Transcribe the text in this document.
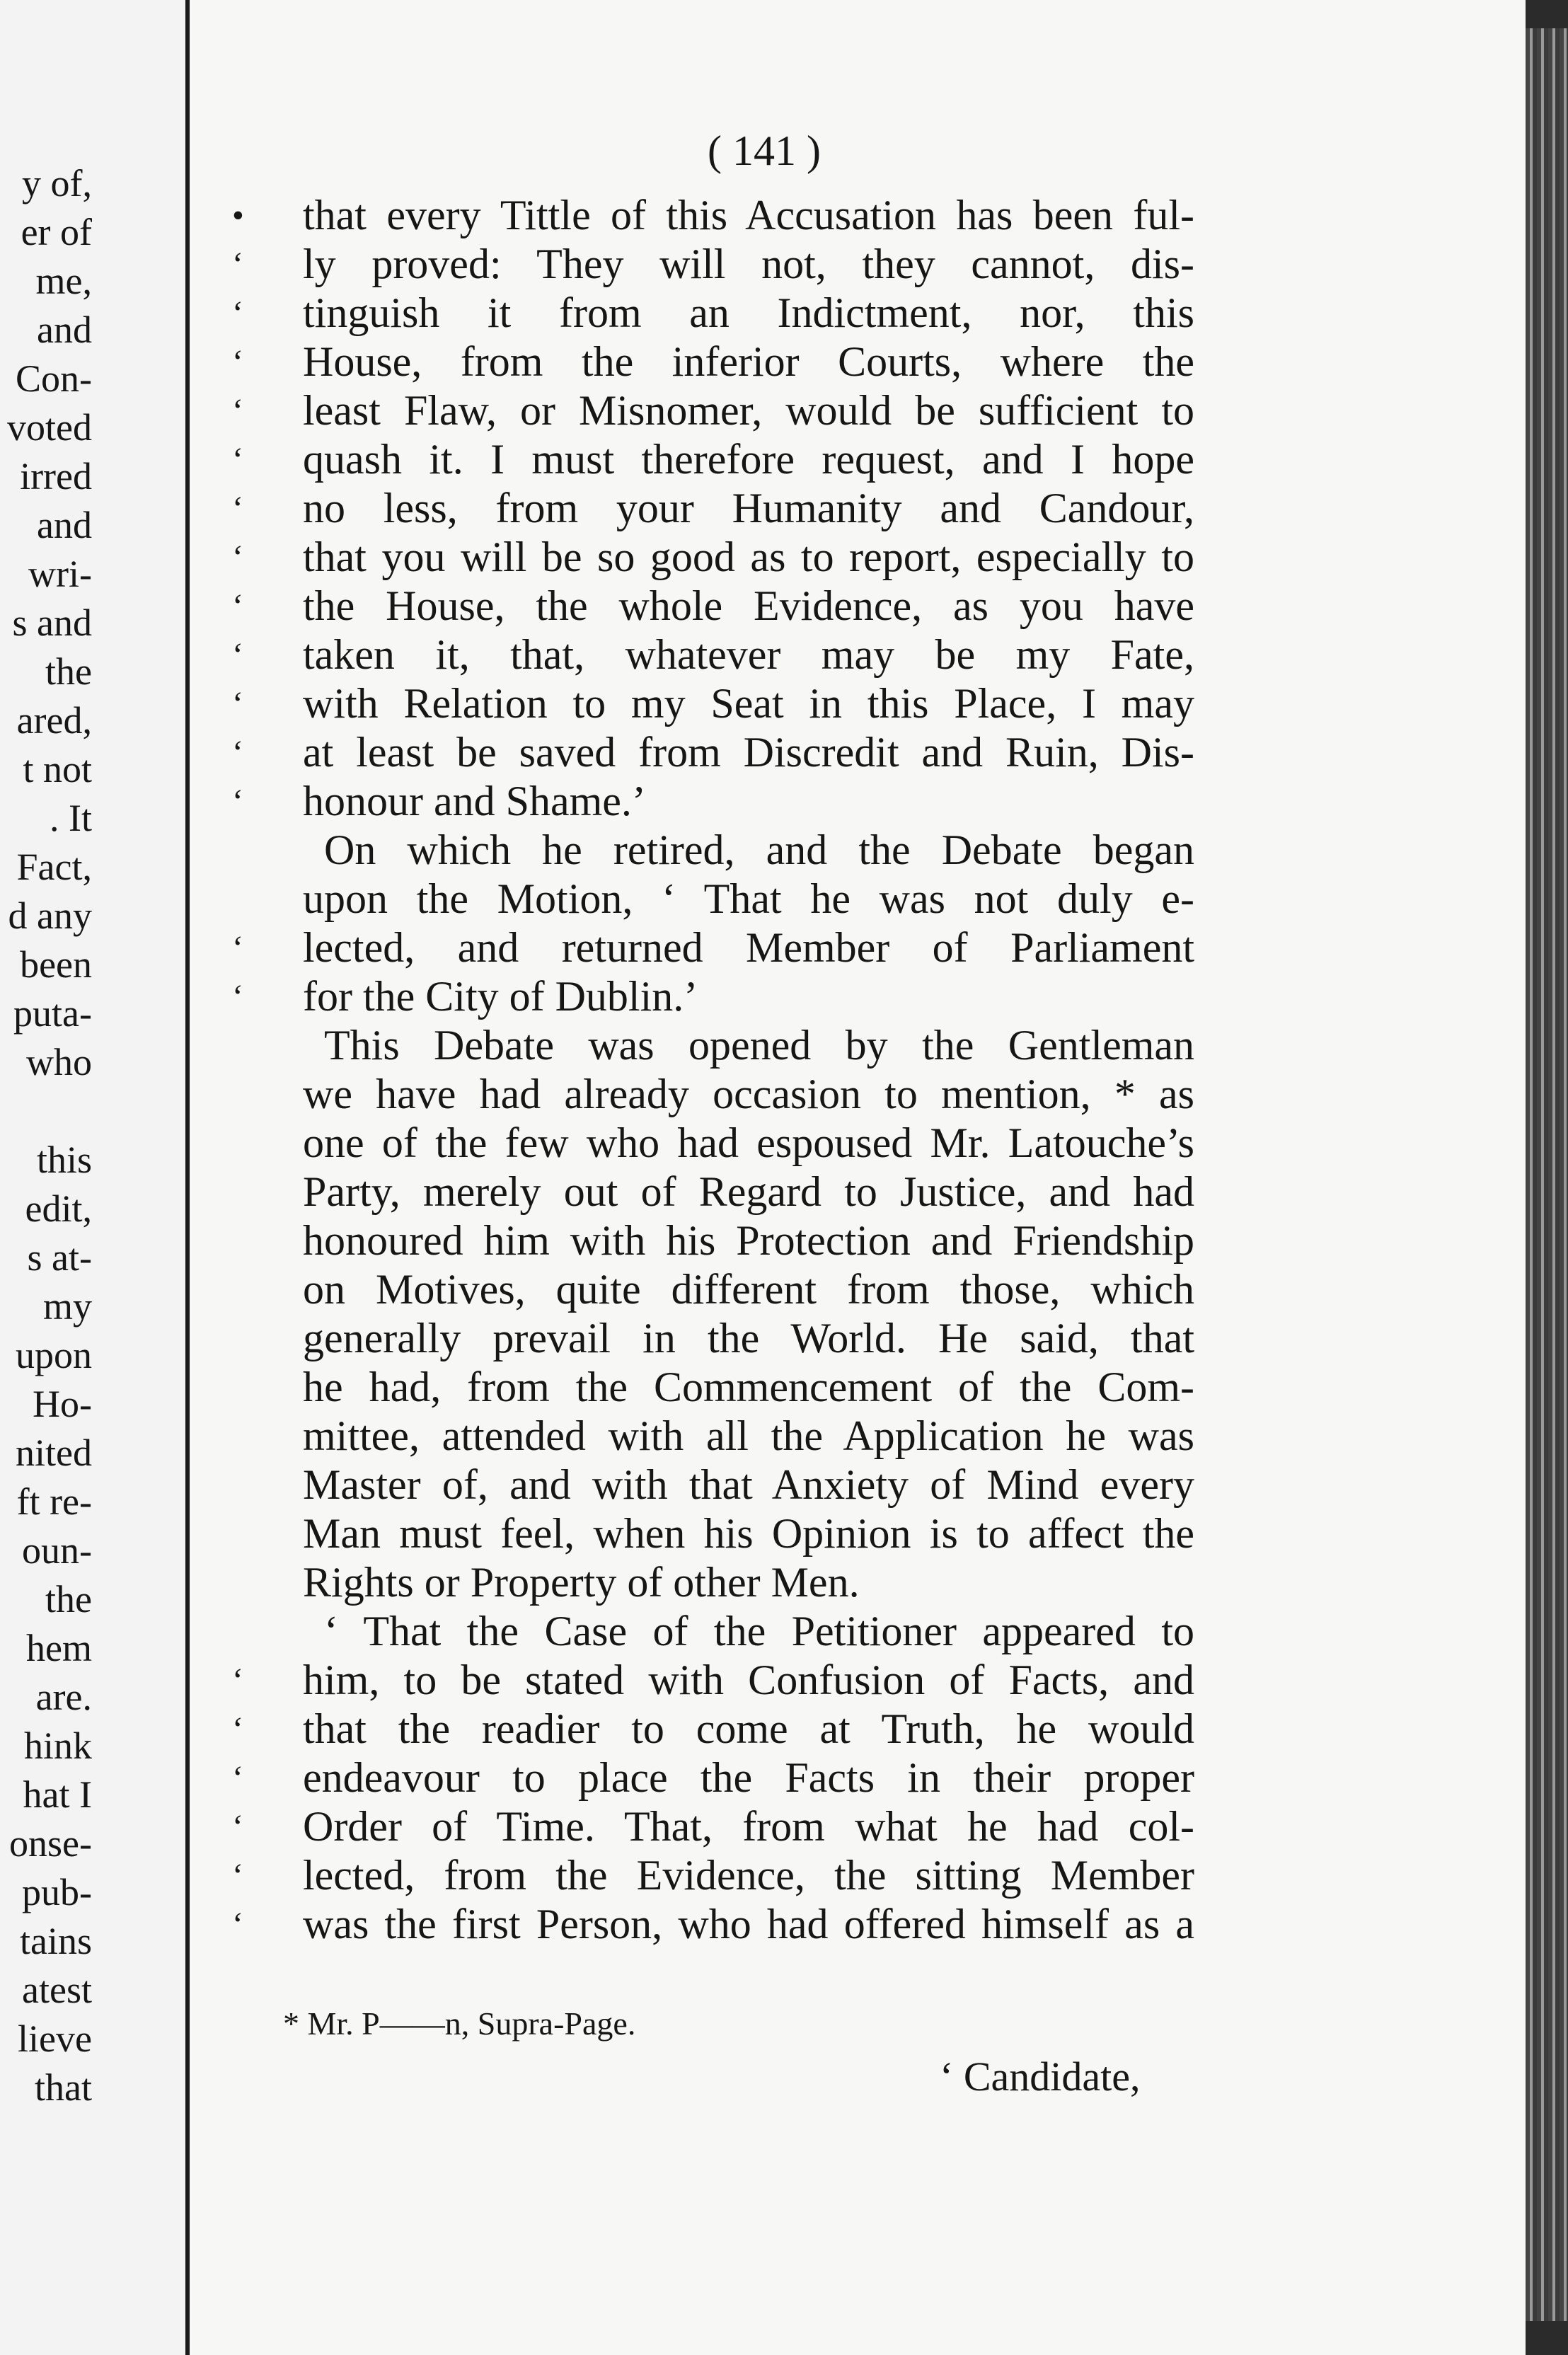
y of,
er of
me,
and
Con-
voted
irred
and
wri-
s and
the
ared,
t not
. It
Fact,
d any
been
puta-
who
this
edit,
s at-
my
upon
Ho-
nited
ft re-
oun-
the
hem
are.
hink
hat I
onse-
pub-
tains
atest
lieve
that
( 141 )
• that every Tittle of this Accusation has been ful-
‘ ly proved: They will not, they cannot, dis-
‘ tinguish it from an Indictment, nor, this
‘ House, from the inferior Courts, where the
‘ least Flaw, or Misnomer, would be sufficient to
‘ quash it. I must therefore request, and I hope
‘ no less, from your Humanity and Candour,
‘ that you will be so good as to report, especially to
‘ the House, the whole Evidence, as you have
‘ taken it, that, whatever may be my Fate,
‘ with Relation to my Seat in this Place, I may
‘ at least be saved from Discredit and Ruin, Dis-
‘ honour and Shame.’
On which he retired, and the Debate began
upon the Motion, ‘ That he was not duly e-
‘ lected, and returned Member of Parliament
‘ for the City of Dublin.’
This Debate was opened by the Gentleman
we have had already occasion to mention, * as
one of the few who had espoused Mr. Latouche’s
Party, merely out of Regard to Justice, and had
honoured him with his Protection and Friendship
on Motives, quite different from those, which
generally prevail in the World. He said, that
he had, from the Commencement of the Com-
mittee, attended with all the Application he was
Master of, and with that Anxiety of Mind every
Man must feel, when his Opinion is to affect the
Rights or Property of other Men.
‘ That the Case of the Petitioner appeared to
‘ him, to be stated with Confusion of Facts, and
‘ that the readier to come at Truth, he would
‘ endeavour to place the Facts in their proper
‘ Order of Time. That, from what he had col-
‘ lected, from the Evidence, the sitting Member
‘ was the first Person, who had offered himself as a
* Mr. P——n, Supra-Page.
‘ Candidate,
